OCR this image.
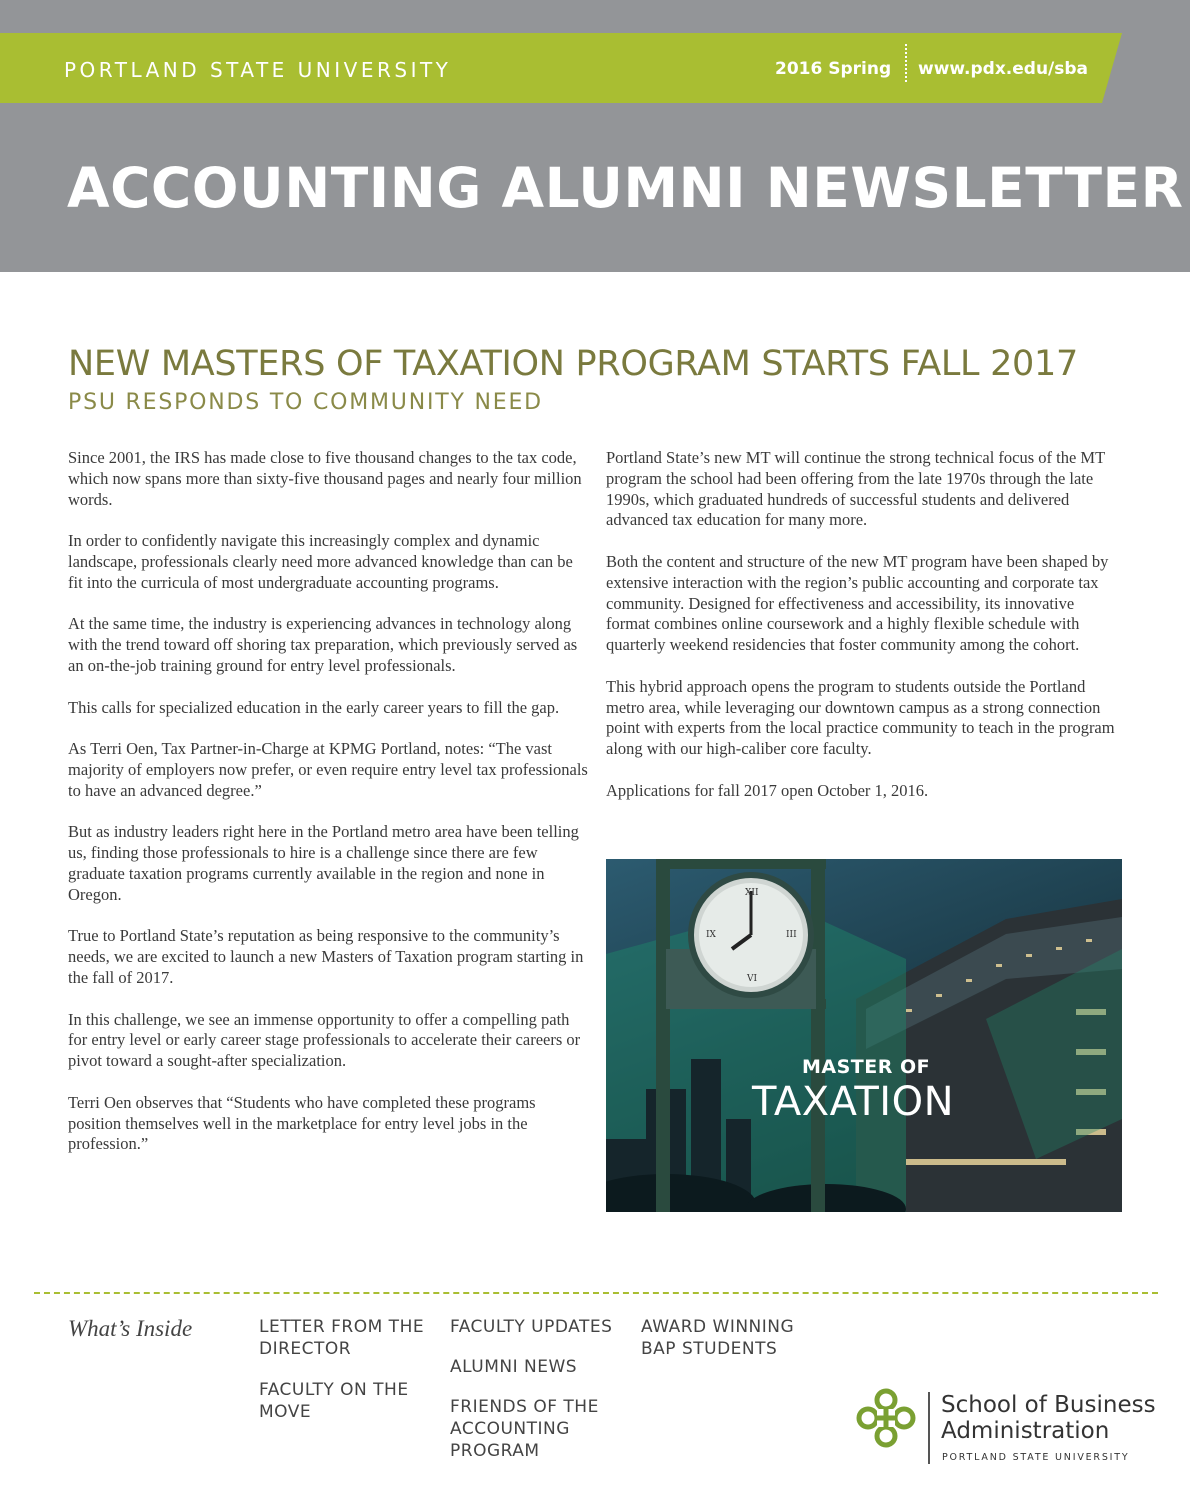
PORTLAND STATE UNIVERSITY	2016 Spring www.pdx.edu/sba
ACCOUNTING ALUMNI NEWSLETTER
NEW MASTERS OF TAXATION PROGRAM STARTS FALL 2017
PSU RESPONDS TO COMMUNITY NEED

Since 2001, the IRS has made close to five thousand changes to the tax code, which now spans more than sixty-five thousand pages and nearly four million words.

In order to confidently navigate this increasingly complex and dynamic landscape, professionals clearly need more advanced knowledge than can be fit into the curricula of most undergraduate accounting programs.

At the same time, the industry is experiencing advances in technology along with the trend toward off shoring tax preparation, which previously served as an on-the-job training ground for entry level professionals.

This calls for specialized education in the early career years to fill the gap.

As Terri Oen, Tax Partner-in-Charge at KPMG Portland, notes: “The vast majority of employers now prefer, or even require entry level tax professionals to have an advanced degree.”

But as industry leaders right here in the Portland metro area have been telling us, finding those professionals to hire is a challenge since there are few graduate taxation programs currently available in the region and none in Oregon.

True to Portland State’s reputation as being responsive to the community’s needs, we are excited to launch a new Masters of Taxation program starting in the fall of 2017.

In this challenge, we see an immense opportunity to offer a compelling path for entry level or early career stage professionals to accelerate their careers or pivot toward a sought-after specialization.

Terri Oen observes that “Students who have completed these programs position themselves well in the marketplace for entry level jobs in the profession.”

Portland State’s new MT will continue the strong technical focus of the MT program the school had been offering from the late 1970s through the late 1990s, which graduated hundreds of successful students and delivered advanced tax education for many more.

Both the content and structure of the new MT program have been shaped by extensive interaction with the region’s public accounting and corporate tax community. Designed for effectiveness and accessibility, its innovative format combines online coursework and a highly flexible schedule with quarterly weekend residencies that foster community among the cohort.

This hybrid approach opens the program to students outside the Portland metro area, while leveraging our downtown campus as a strong connection point with experts from the local practice community to teach in the program along with our high-caliber core faculty.

Applications for fall 2017 open October 1, 2016.

XII
III
VI
IX
MASTER OF
TAXATION
What’s Inside	LETTER FROM THE DIRECTOR
FACULTY ON THE MOVE
FACULTY UPDATES
ALUMNI NEWS
FRIENDS OF THE ACCOUNTING PROGRAM
AWARD WINNING BAP STUDENTS
School of Business
Administration
PORTLAND STATE UNIVERSITY
